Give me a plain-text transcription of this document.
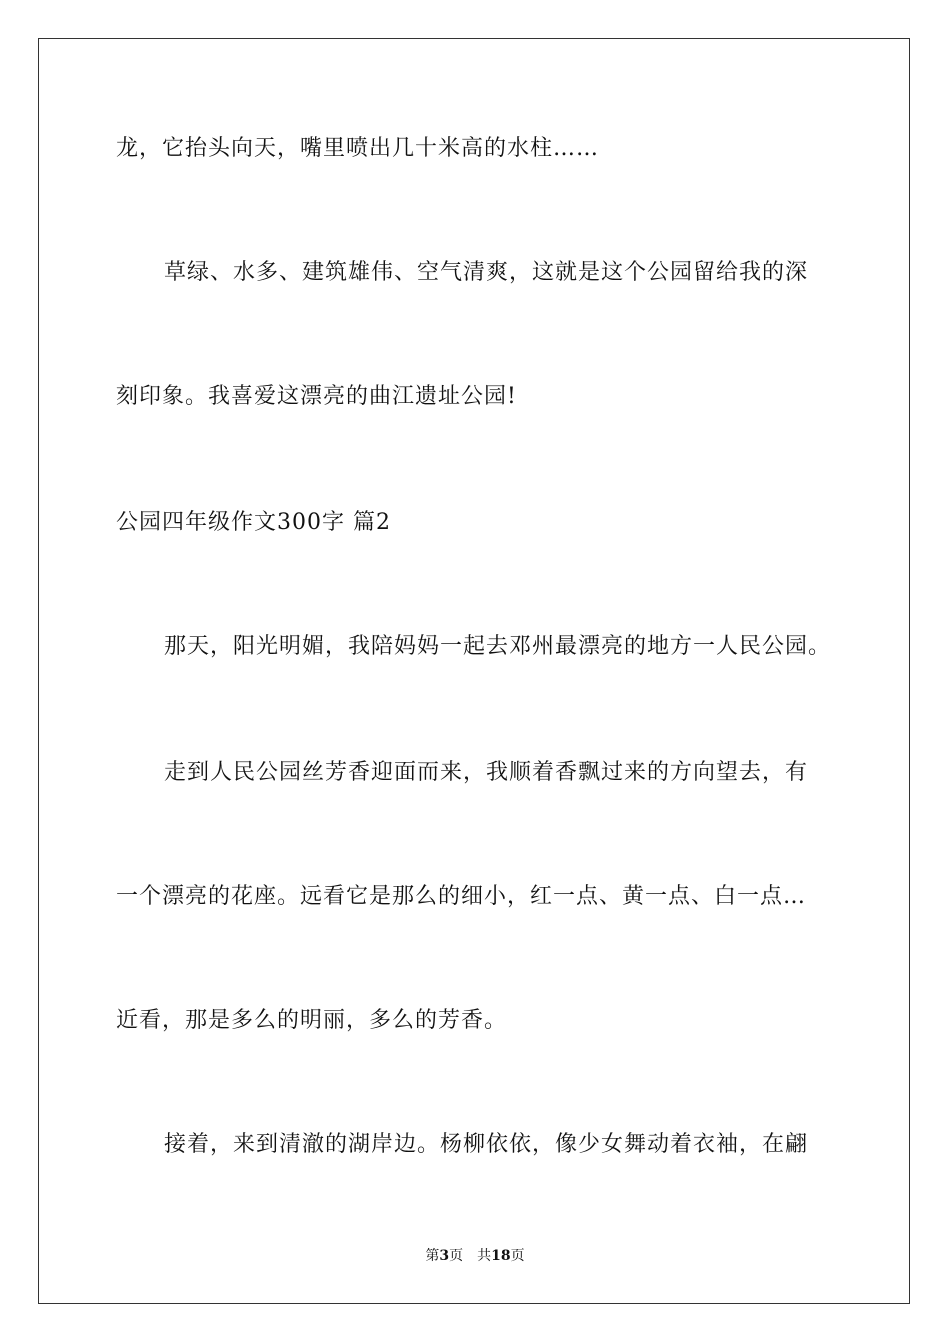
龙，它抬头向天，嘴里喷出几十米高的水柱……
草绿、水多、建筑雄伟、空气清爽，这就是这个公园留给我的深
刻印象。我喜爱这漂亮的曲江遗址公园!
公园四年级作文300字 篇2
那天，阳光明媚，我陪妈妈一起去邓州最漂亮的地方一人民公园。
走到人民公园丝芳香迎面而来，我顺着香飘过来的方向望去，有
一个漂亮的花座。远看它是那么的细小，红一点、黄一点、白一点…
近看，那是多么的明丽，多么的芳香。
接着，来到清澈的湖岸边。杨柳依依，像少女舞动着衣袖，在翩
第3页 共18页
